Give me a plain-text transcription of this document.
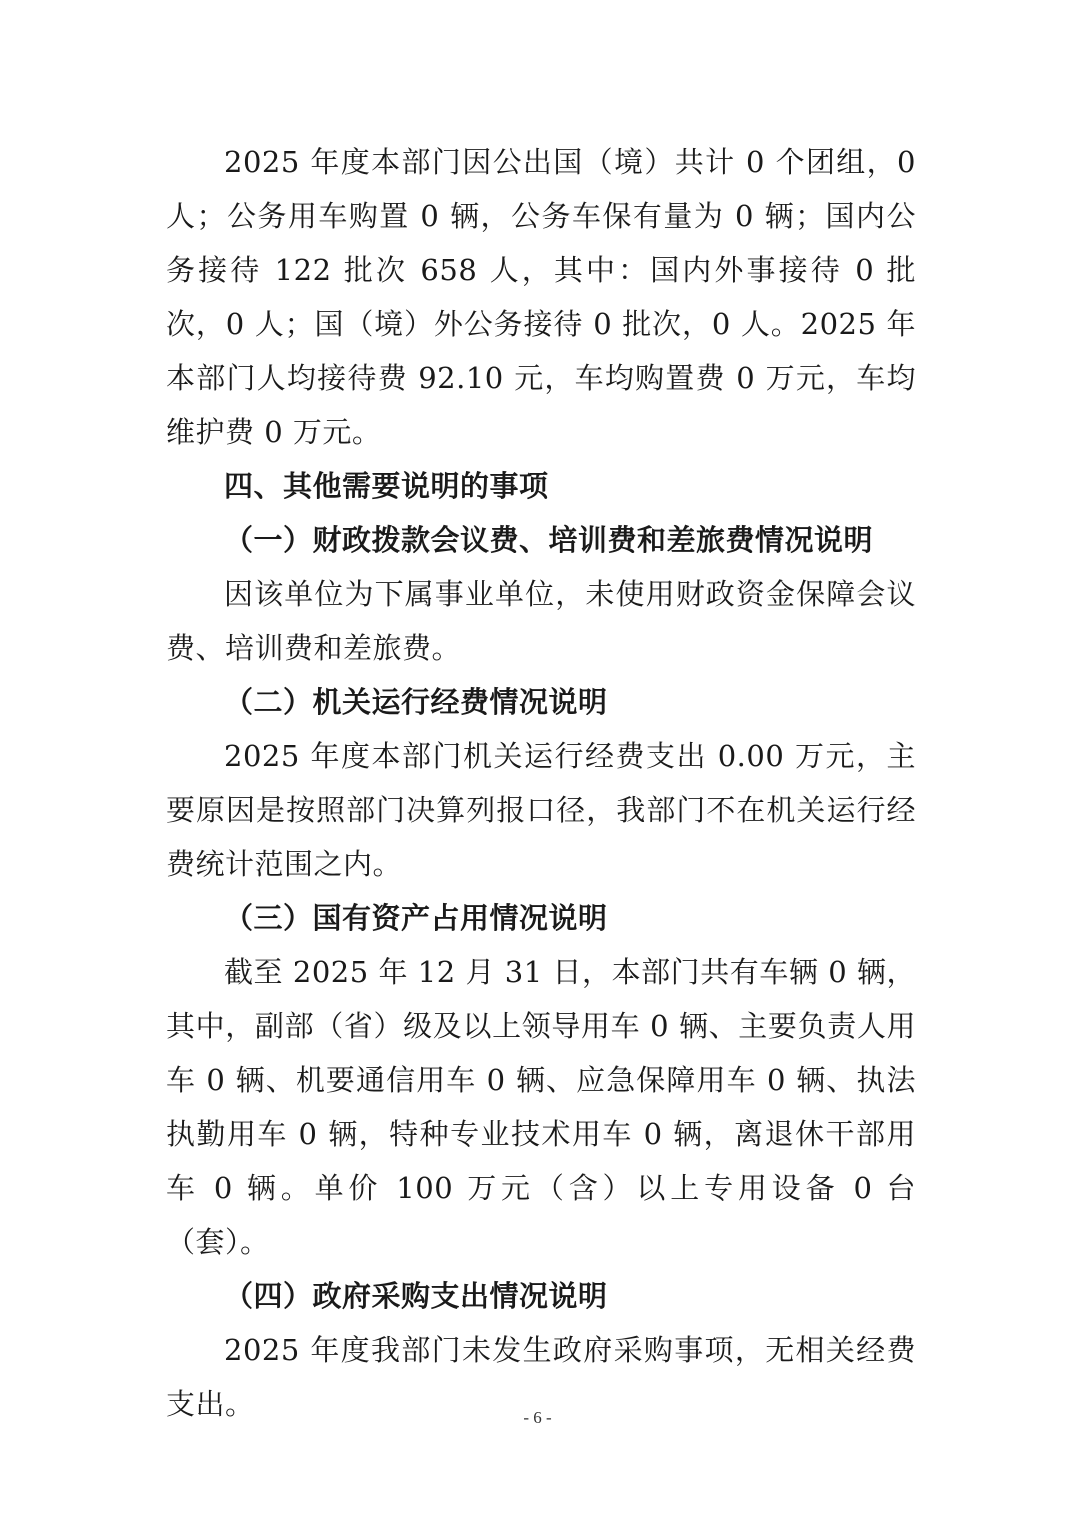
2025 年度本部门因公出国（境）共计 0 个团组，0 人；公务用车购置 0 辆，公务车保有量为 0 辆；国内公务接待 122 批次 658 人，其中：国内外事接待 0 批次，0 人；国（境）外公务接待 0 批次，0 人。2025 年本部门人均接待费 92.10 元，车均购置费 0 万元，车均维护费 0 万元。

四、其他需要说明的事项

（一）财政拨款会议费、培训费和差旅费情况说明

因该单位为下属事业单位，未使用财政资金保障会议费、培训费和差旅费。

（二）机关运行经费情况说明

2025 年度本部门机关运行经费支出 0.00 万元，主要原因是按照部门决算列报口径，我部门不在机关运行经费统计范围之内。

（三）国有资产占用情况说明

截至 2025 年 12 月 31 日，本部门共有车辆 0 辆，其中，副部（省）级及以上领导用车 0 辆、主要负责人用车 0 辆、机要通信用车 0 辆、应急保障用车 0 辆、执法执勤用车 0 辆，特种专业技术用车 0 辆，离退休干部用车 0 辆。单价 100 万元（含）以上专用设备 0 台（套）。

（四）政府采购支出情况说明

2025 年度我部门未发生政府采购事项，无相关经费支出。	- 6 -
